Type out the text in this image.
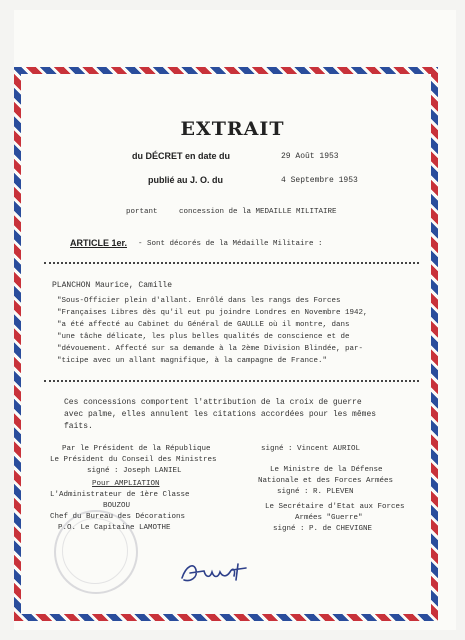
EXTRAIT
du DÉCRET en date du	29 Août 1953
publié au J. O. du	4 Septembre 1953
portant	concession de la MEDAILLE MILITAIRE
ARTICLE 1er. - Sont décorés de la Médaille Militaire :
PLANCHON Maurice, Camille
"Sous-Officier plein d'allant. Enrôlé dans les rangs des Forces
"Françaises Libres dès qu'il eut pu joindre Londres en Novembre 1942,
"a été affecté au Cabinet du Général de GAULLE où il montre, dans
"une tâche délicate, les plus belles qualités de conscience et de
"dévouement. Affecté sur sa demande à la 2ème Division Blindée, par-
"ticipe avec un allant magnifique, à la campagne de France."
Ces concessions comportent l'attribution de la croix de guerre
avec palme, elles annulent les citations accordées pour les mêmes
faits.
Par le Président de la République
Le Président du Conseil des Ministres
signé : Joseph LANIEL
Pour AMPLIATION
L'Administrateur de 1ère Classe
BOUZOU
Chef du Bureau des Décorations
P.O. Le Capitaine LAMOTHE
signé : Vincent AURIOL
Le Ministre de la Défense
Nationale et des Forces Armées
signé : R. PLEVEN
Le Secrétaire d'Etat aux Forces
Armées "Guerre"
signé : P. de CHEVIGNE
